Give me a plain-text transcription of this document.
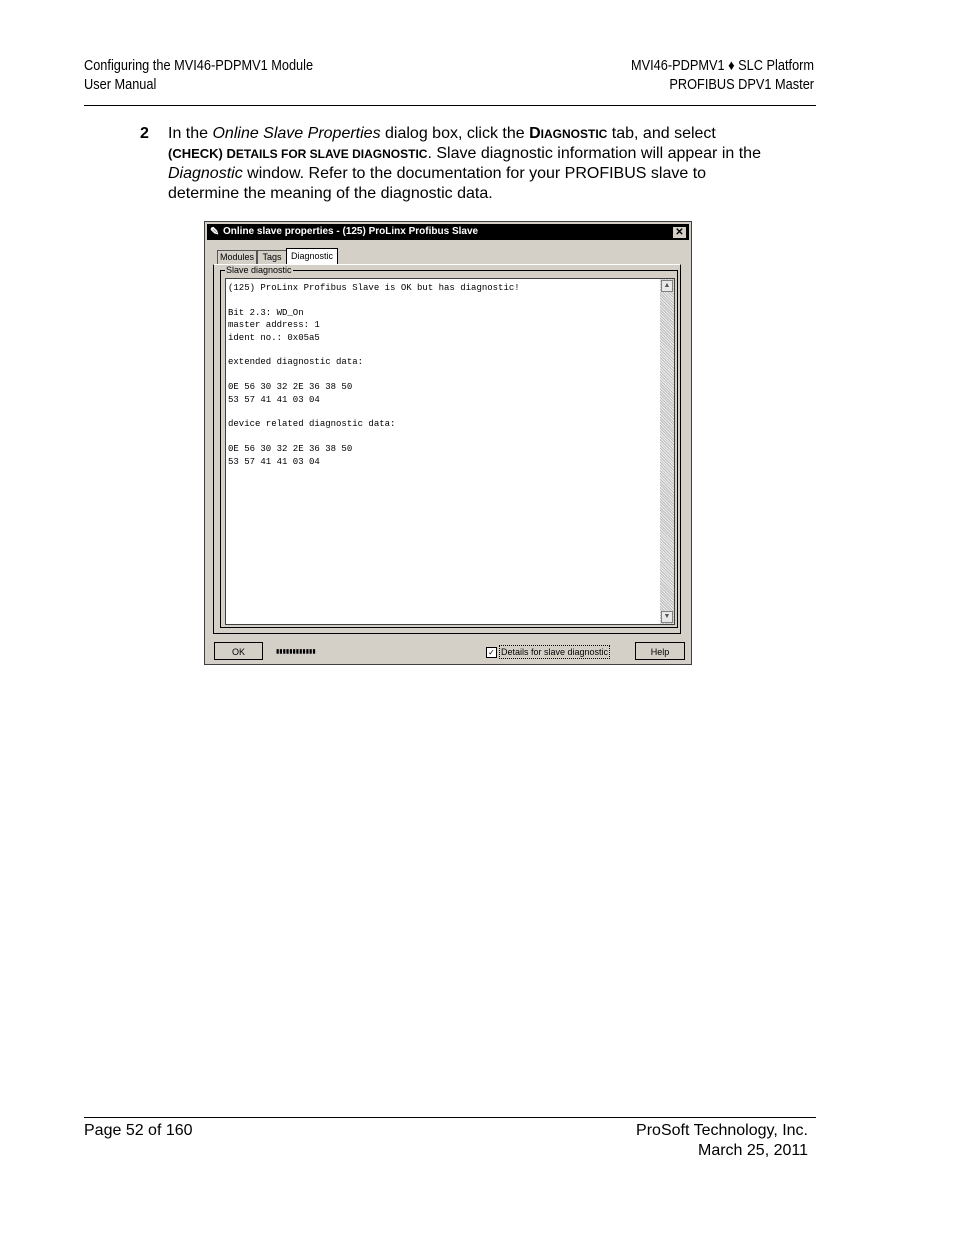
Configuring the MVI46-PDPMV1 Module
User Manual
MVI46-PDPMV1 ♦ SLC Platform
PROFIBUS DPV1 Master
2 In the Online Slave Properties dialog box, click the DIAGNOSTIC tab, and select (CHECK) DETAILS FOR SLAVE DIAGNOSTIC. Slave diagnostic information will appear in the Diagnostic window. Refer to the documentation for your PROFIBUS slave to determine the meaning of the diagnostic data.
✎ Online slave properties - (125) ProLinx Profibus Slave	✕
Modules Tags	Diagnostic
Slave diagnostic
(125) ProLinx Profibus Slave is OK but has diagnostic!

Bit 2.3: WD_On
master address: 1
ident no.: 0x05a5

extended diagnostic data:

0E 56 30 32 2E 36 38 50
53 57 41 41 03 04

device related diagnostic data:

0E 56 30 32 2E 36 38 50
53 57 41 41 03 04
▲
▼
OK	▮▮▮▮▮▮▮▮▮▮▮▮	✓ Details for slave diagnostic	Help
Page 52 of 160	ProSoft Technology, Inc.
March 25, 2011
